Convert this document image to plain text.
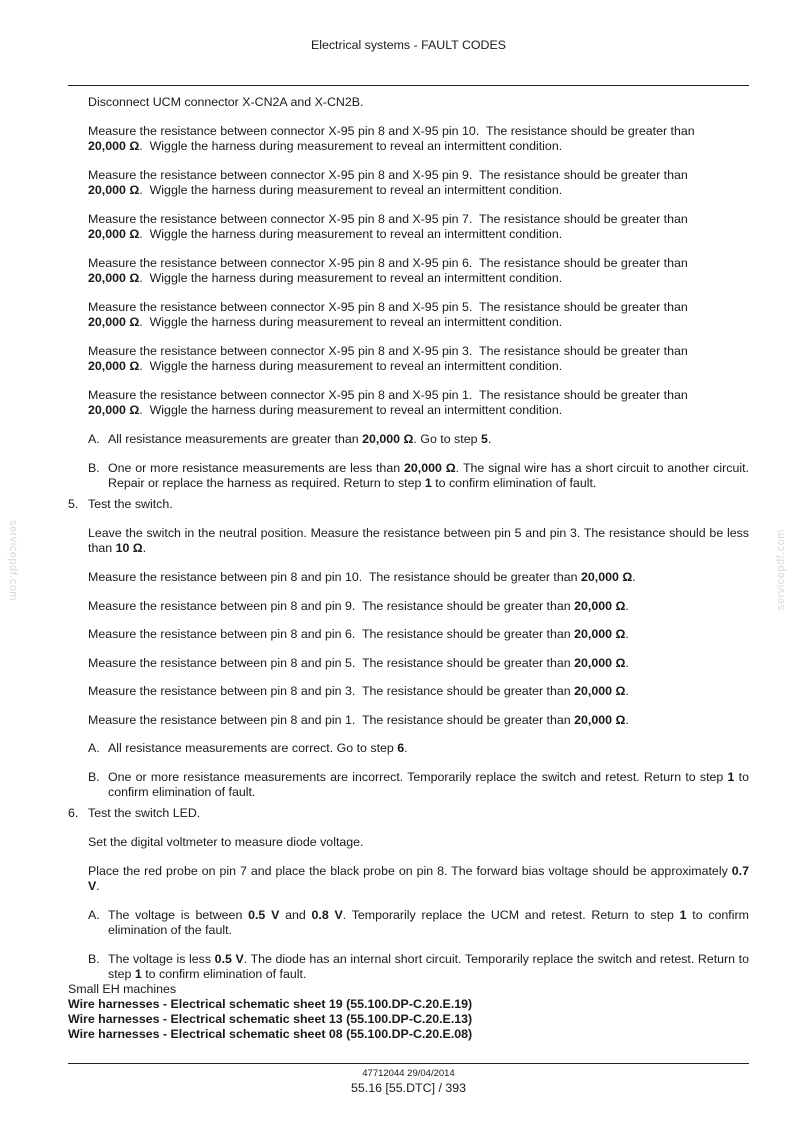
Electrical systems - FAULT CODES
servicepdf.com	servicepdf.com

Disconnect UCM connector X-CN2A and X-CN2B.

Measure the resistance between connector X-95 pin 8 and X-95 pin 10. The resistance should be greater than
20,000 Ω.  Wiggle the harness during measurement to reveal an intermittent condition.

Measure the resistance between connector X-95 pin 8 and X-95 pin 9. The resistance should be greater than
20,000 Ω.  Wiggle the harness during measurement to reveal an intermittent condition.

Measure the resistance between connector X-95 pin 8 and X-95 pin 7. The resistance should be greater than
20,000 Ω.  Wiggle the harness during measurement to reveal an intermittent condition.

Measure the resistance between connector X-95 pin 8 and X-95 pin 6. The resistance should be greater than
20,000 Ω.  Wiggle the harness during measurement to reveal an intermittent condition.

Measure the resistance between connector X-95 pin 8 and X-95 pin 5. The resistance should be greater than
20,000 Ω.  Wiggle the harness during measurement to reveal an intermittent condition.

Measure the resistance between connector X-95 pin 8 and X-95 pin 3. The resistance should be greater than
20,000 Ω.  Wiggle the harness during measurement to reveal an intermittent condition.

Measure the resistance between connector X-95 pin 8 and X-95 pin 1. The resistance should be greater than
20,000 Ω.  Wiggle the harness during measurement to reveal an intermittent condition.

A. All resistance measurements are greater than 20,000 Ω. Go to step 5.
B. One or more resistance measurements are less than 20,000 Ω. The signal wire has a short circuit to another circuit. Repair or replace the harness as required. Return to step 1 to confirm elimination of fault.
5. Test the switch.

Leave the switch in the neutral position. Measure the resistance between pin 5 and pin 3. The resistance should be less than 10 Ω.

Measure the resistance between pin 8 and pin 10. The resistance should be greater than 20,000 Ω.

Measure the resistance between pin 8 and pin 9. The resistance should be greater than 20,000 Ω.

Measure the resistance between pin 8 and pin 6. The resistance should be greater than 20,000 Ω.

Measure the resistance between pin 8 and pin 5. The resistance should be greater than 20,000 Ω.

Measure the resistance between pin 8 and pin 3. The resistance should be greater than 20,000 Ω.

Measure the resistance between pin 8 and pin 1. The resistance should be greater than 20,000 Ω.

A. All resistance measurements are correct. Go to step 6.
B. One or more resistance measurements are incorrect. Temporarily replace the switch and retest. Return to step 1 to confirm elimination of fault.
6. Test the switch LED.

Set the digital voltmeter to measure diode voltage.

Place the red probe on pin 7 and place the black probe on pin 8. The forward bias voltage should be approximately 0.7 V.

A. The voltage is between 0.5 V and 0.8 V. Temporarily replace the UCM and retest. Return to step 1 to confirm elimination of the fault.
B. The voltage is less 0.5 V. The diode has an internal short circuit. Temporarily replace the switch and retest. Return to step 1 to confirm elimination of fault.
Small EH machines
Wire harnesses - Electrical schematic sheet 19 (55.100.DP-C.20.E.19)
Wire harnesses - Electrical schematic sheet 13 (55.100.DP-C.20.E.13)
Wire harnesses - Electrical schematic sheet 08 (55.100.DP-C.20.E.08)
47712044 29/04/2014
55.16 [55.DTC] / 393
